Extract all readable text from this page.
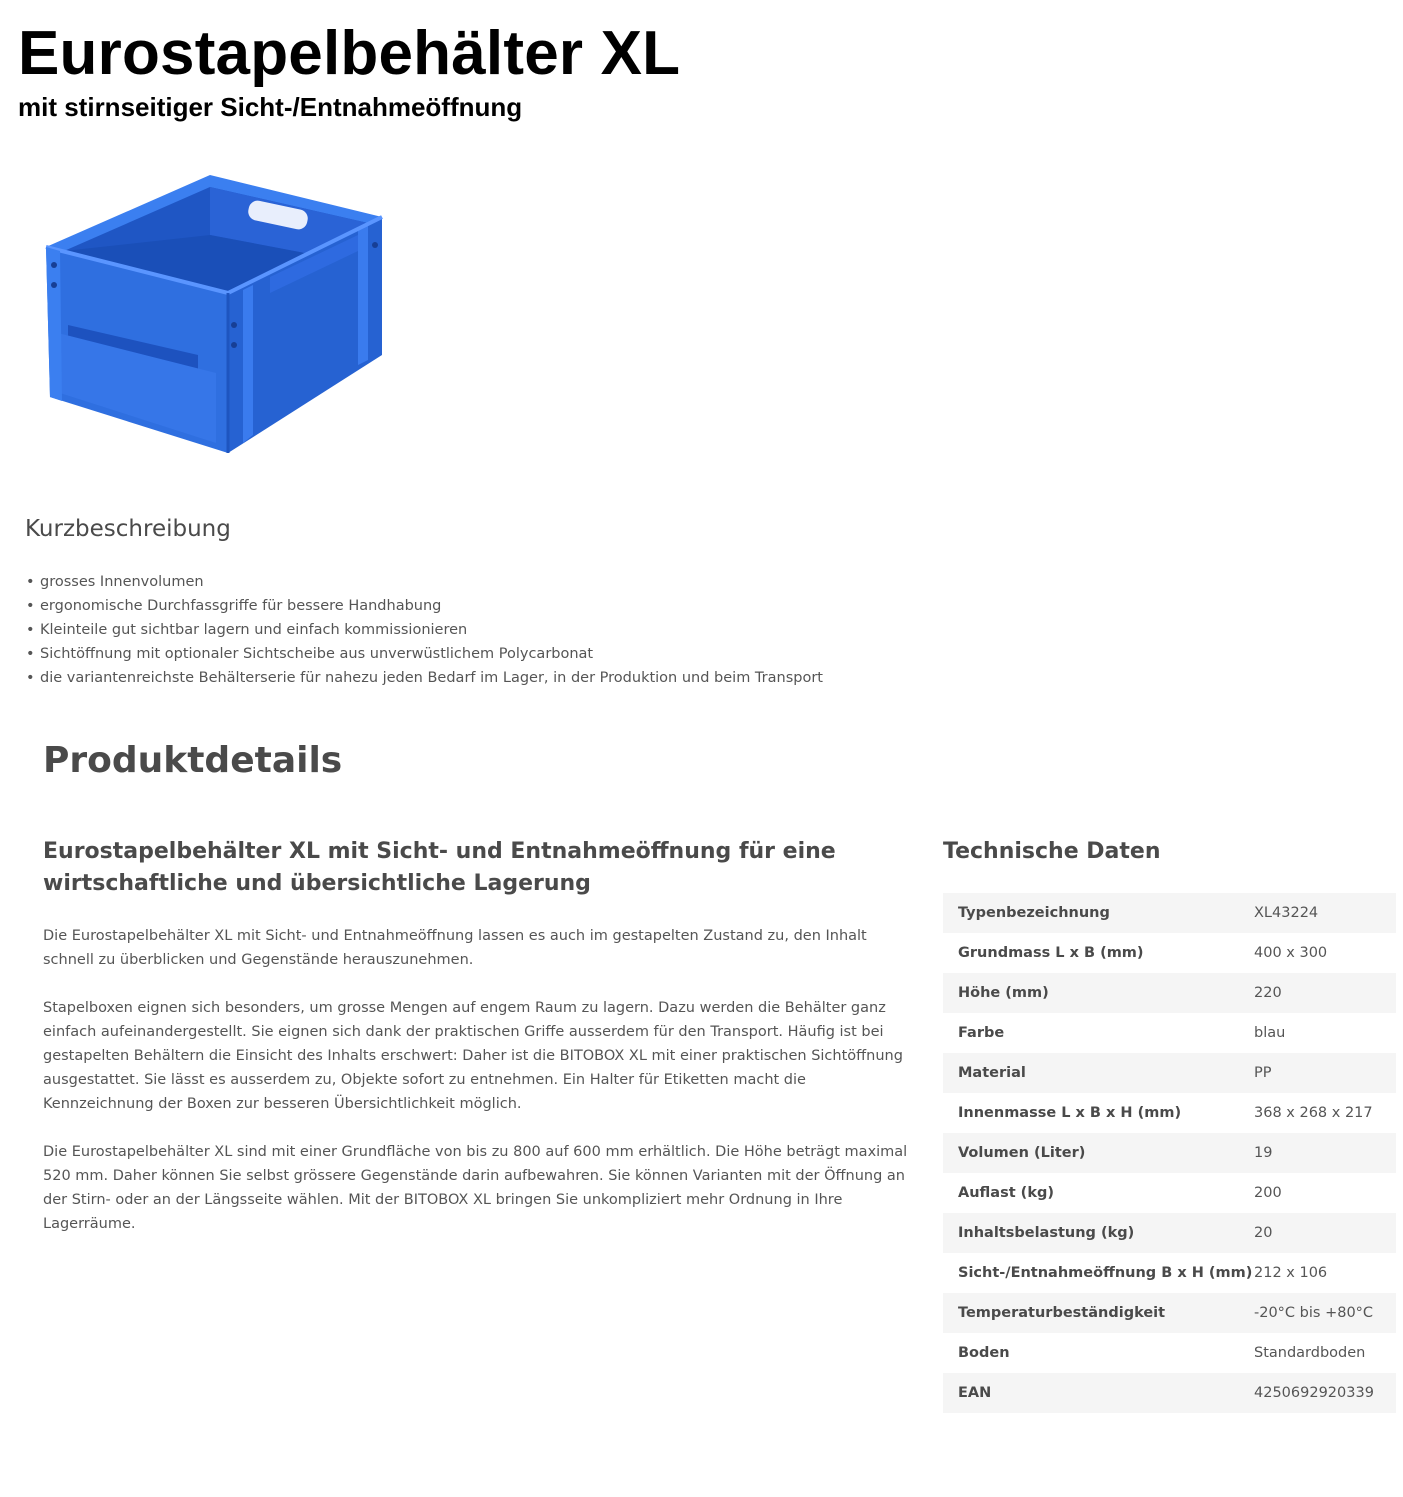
Eurostapelbehälter XL
mit stirnseitiger Sicht-/Entnahmeöffnung
Kurzbeschreibung
• grosses Innenvolumen
• ergonomische Durchfassgriffe für bessere Handhabung
• Kleinteile gut sichtbar lagern und einfach kommissionieren
• Sichtöffnung mit optionaler Sichtscheibe aus unverwüstlichem Polycarbonat
• die variantenreichste Behälterserie für nahezu jeden Bedarf im Lager, in der Produktion und beim Transport
Produktdetails
Eurostapelbehälter XL mit Sicht- und Entnahmeöffnung für eine wirtschaftliche und übersichtliche Lagerung

Die Eurostapelbehälter XL mit Sicht- und Entnahmeöffnung lassen es auch im gestapelten Zustand zu, den Inhalt schnell zu überblicken und Gegenstände herauszunehmen.

Stapelboxen eignen sich besonders, um grosse Mengen auf engem Raum zu lagern. Dazu werden die Behälter ganz einfach aufeinandergestellt. Sie eignen sich dank der praktischen Griffe ausserdem für den Transport. Häufig ist bei gestapelten Behältern die Einsicht des Inhalts erschwert: Daher ist die BITOBOX XL mit einer praktischen Sichtöffnung ausgestattet. Sie lässt es ausserdem zu, Objekte sofort zu entnehmen. Ein Halter für Etiketten macht die Kennzeichnung der Boxen zur besseren Übersichtlichkeit möglich.

Die Eurostapelbehälter XL sind mit einer Grundfläche von bis zu 800 auf 600 mm erhältlich. Die Höhe beträgt maximal 520 mm. Daher können Sie selbst grössere Gegenstände darin aufbewahren. Sie können Varianten mit der Öffnung an der Stirn- oder an der Längsseite wählen. Mit der BITOBOX XL bringen Sie unkompliziert mehr Ordnung in Ihre Lagerräume.

Technische Daten
Typenbezeichnung	XL43224
Grundmass L x B (mm)	400 x 300
Höhe (mm)	220
Farbe	blau
Material	PP
Innenmasse L x B x H (mm)	368 x 268 x 217
Volumen (Liter)	19
Auflast (kg)	200
Inhaltsbelastung (kg)	20
Sicht-/Entnahmeöffnung B x H (mm)	212 x 106
Temperaturbeständigkeit	-20°C bis +80°C
Boden	Standardboden
EAN	4250692920339
